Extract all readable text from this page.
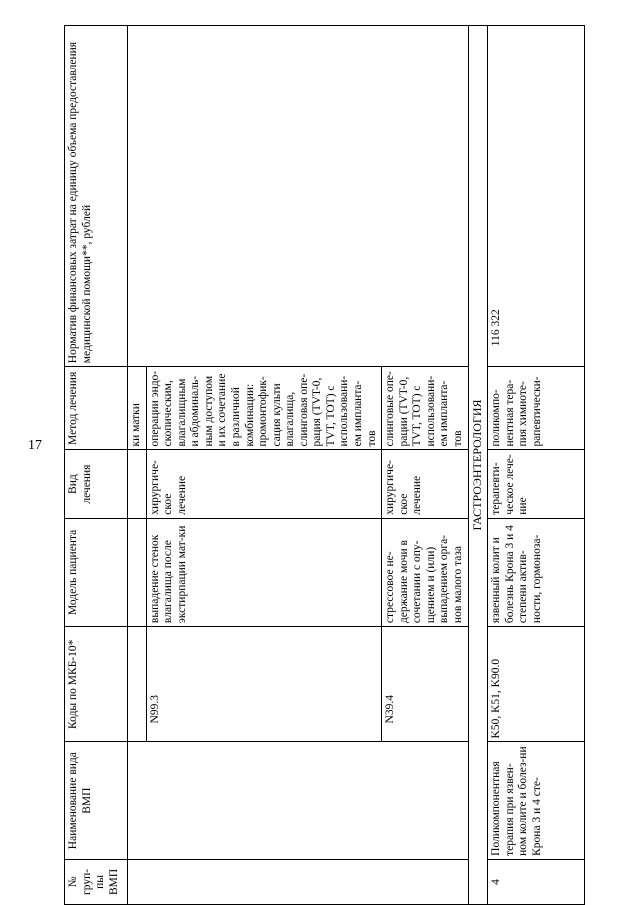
17
№ груп-пы ВМП	Наименование вида ВМП	Коды по МКБ-10*	Модель пациента	Вид лечения	Метод лечения	Норматив финансовых затрат на единицу объема предоставления медицинской помощи**, рублей
					ки матки	
		N99.3	выпадение стенок влагалища после экстирпации мат-ки	хирургиче-ское лечение	операции эндо-скопическим, влагалищным и абдоминаль-ным доступом и их сочетание в различной комбинации: промонтофик-сация культи влагалища, слинговая опе-рация (TVT-0, TVT, TOT) с использовани-ем имплантa-тов	
		N39.4	стрессовое не-держание мочи в сочетании с опу-щением и (или) выпадением орга-нов малого таза	хирургиче-ское лечение	слинговые опе-рации (TVT-0, TVT, TOT) с использовани-ем имплантa-тов	
ГАСТРОЭНТЕРОЛОГИЯ						
4	Поликомпонентная терапия при язвен-ном колите и болез-ни Крона 3 и 4 сте-	K50, K51, K90.0	язвенный колит и болезнь Крона 3 и 4 степени актив-ности, гормоноза-	терапевти-ческое лече-ние	поликомпо-нентная тера-пия химиоте-рапевтически-	116 322
